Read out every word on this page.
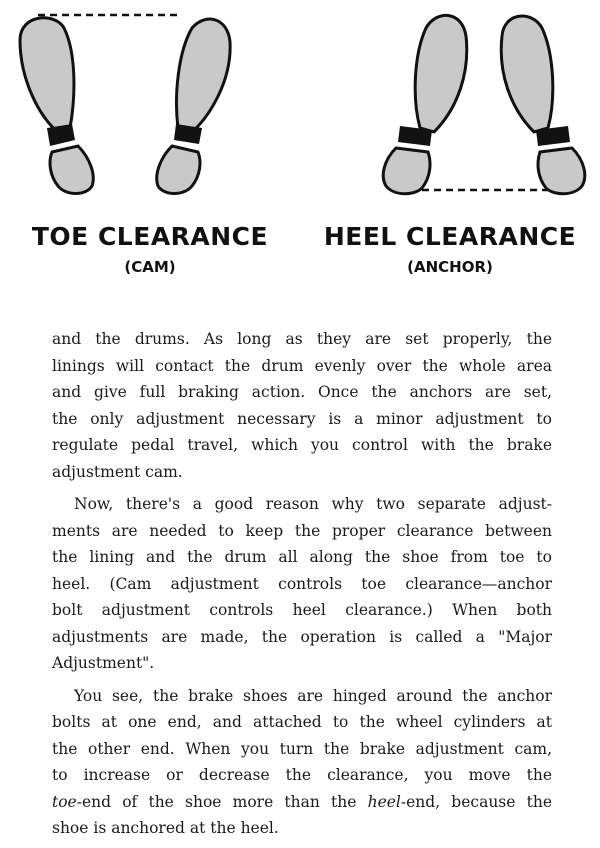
TOE CLEARANCE
(CAM)
HEEL CLEARANCE
(ANCHOR)

and the drums. As long as they are set properly, the
linings will contact the drum evenly over the whole area
and give full braking action. Once the anchors are set,
the only adjustment necessary is a minor adjustment to
regulate pedal travel, which you control with the brake
adjustment cam.

Now, there's a good reason why two separate adjust-
ments are needed to keep the proper clearance between
the lining and the drum all along the shoe from toe to
heel. (Cam adjustment controls toe clearance—anchor
bolt adjustment controls heel clearance.) When both
adjustments are made, the operation is called a "Major
Adjustment".

You see, the brake shoes are hinged around the anchor
bolts at one end, and attached to the wheel cylinders at
the other end. When you turn the brake adjustment cam,
to increase or decrease the clearance, you move the
toe-end of the shoe more than the heel-end, because the
shoe is anchored at the heel.
